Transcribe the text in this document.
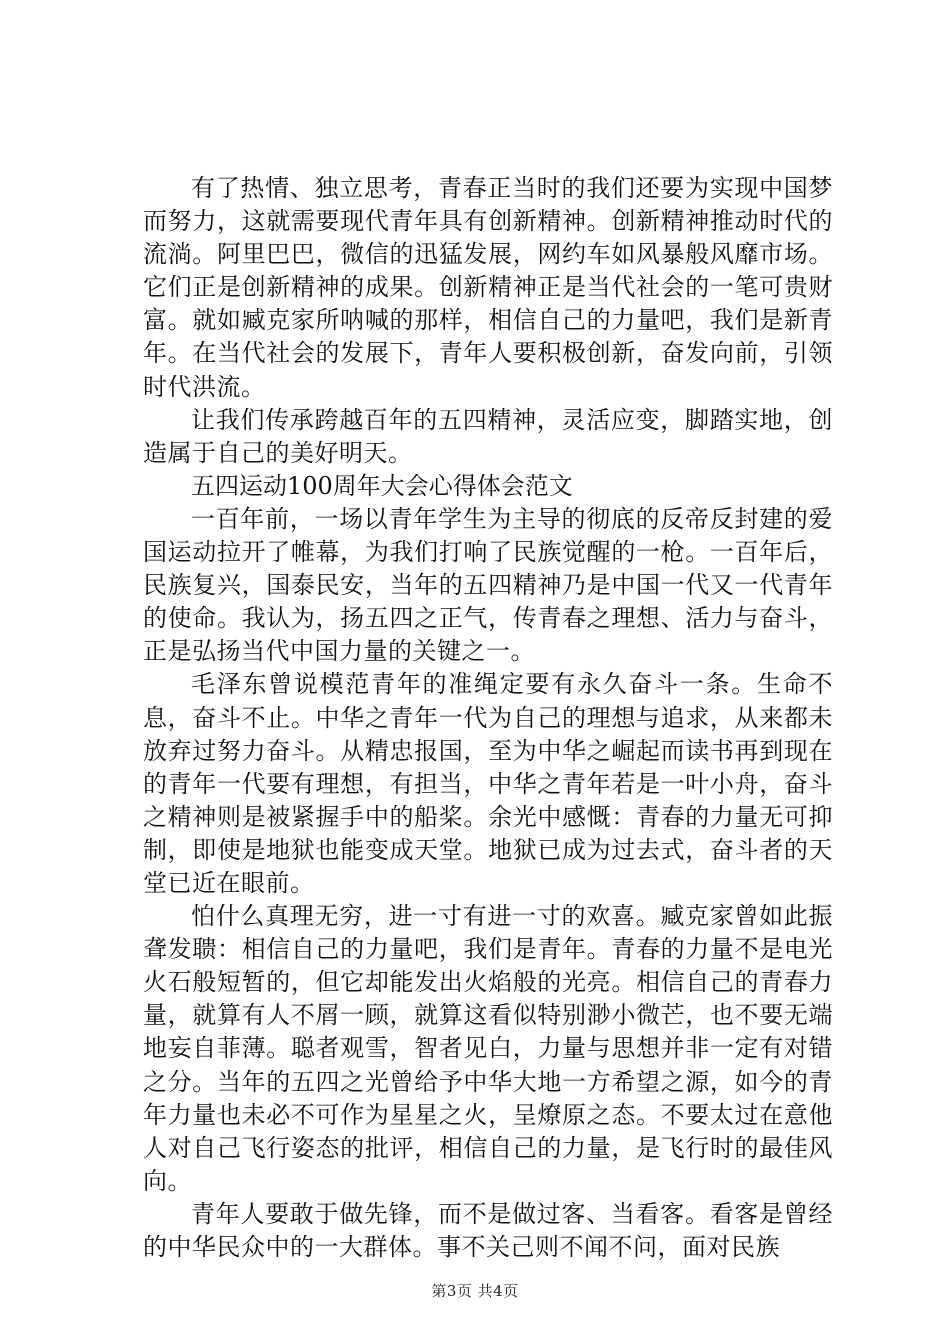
有了热情、独立思考，青春正当时的我们还要为实现中国梦而努力，这就需要现代青年具有创新精神。创新精神推动时代的流淌。阿里巴巴，微信的迅猛发展，网约车如风暴般风靡市场。它们正是创新精神的成果。创新精神正是当代社会的一笔可贵财富。就如臧克家所呐喊的那样，相信自己的力量吧，我们是新青年。在当代社会的发展下，青年人要积极创新，奋发向前，引领时代洪流。

让我们传承跨越百年的五四精神，灵活应变，脚踏实地，创造属于自己的美好明天。

五四运动100周年大会心得体会范文

一百年前，一场以青年学生为主导的彻底的反帝反封建的爱国运动拉开了帷幕，为我们打响了民族觉醒的一枪。一百年后，民族复兴，国泰民安，当年的五四精神乃是中国一代又一代青年的使命。我认为，扬五四之正气，传青春之理想、活力与奋斗，正是弘扬当代中国力量的关键之一。

毛泽东曾说模范青年的准绳定要有永久奋斗一条。生命不息，奋斗不止。中华之青年一代为自己的理想与追求，从来都未放弃过努力奋斗。从精忠报国，至为中华之崛起而读书再到现在的青年一代要有理想，有担当，中华之青年若是一叶小舟，奋斗之精神则是被紧握手中的船桨。余光中感慨：青春的力量无可抑制，即使是地狱也能变成天堂。地狱已成为过去式，奋斗者的天堂已近在眼前。

怕什么真理无穷，进一寸有进一寸的欢喜。臧克家曾如此振聋发聩：相信自己的力量吧，我们是青年。青春的力量不是电光火石般短暂的，但它却能发出火焰般的光亮。相信自己的青春力量，就算有人不屑一顾，就算这看似特别渺小微芒，也不要无端地妄自菲薄。聪者观雪，智者见白，力量与思想并非一定有对错之分。当年的五四之光曾给予中华大地一方希望之源，如今的青年力量也未必不可作为星星之火，呈燎原之态。不要太过在意他人对自己飞行姿态的批评，相信自己的力量，是飞行时的最佳风向。

青年人要敢于做先锋，而不是做过客、当看客。看客是曾经的中华民众中的一大群体。事不关己则不闻不问，面对民族

第3页 共4页
